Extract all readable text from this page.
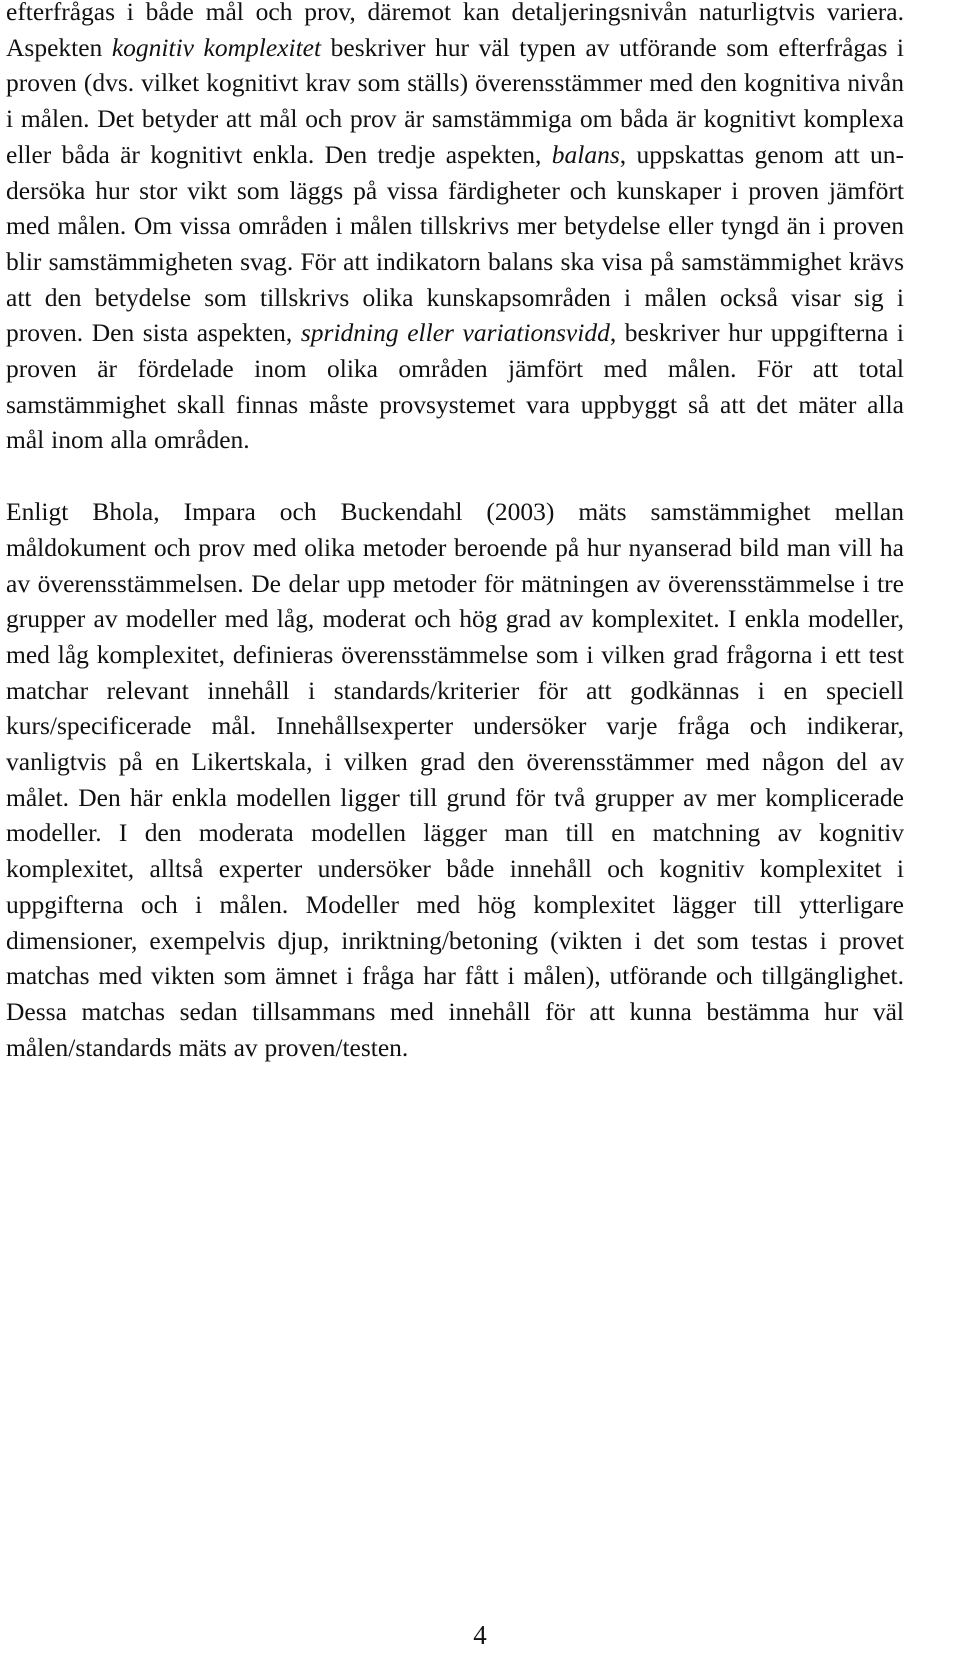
efterfrågas i både mål och prov, däremot kan detaljeringsnivån naturligtvis variera. Aspekten kognitiv komplexitet beskriver hur väl typen av utförande som efterfrågas i proven (dvs. vilket kognitivt krav som ställs) överensstämmer med den kognitiva nivån i målen. Det betyder att mål och prov är samstämmiga om båda är kognitivt komplexa eller båda är kognitivt enkla. Den tredje aspekten, balans, uppskattas genom att undersöka hur stor vikt som läggs på vissa färdigheter och kunskaper i proven jämfört med målen. Om vissa områden i målen tillskrivs mer betydelse eller tyngd än i proven blir samstämmigheten svag. För att indikatorn balans ska visa på samstämmighet krävs att den betydelse som tillskrivs olika kunskapsområden i målen också visar sig i proven. Den sista aspekten, spridning eller variationsvidd, beskriver hur uppgifterna i proven är fördelade inom olika områden jämfört med målen. För att total samstämmighet skall finnas måste provsystemet vara uppbyggt så att det mäter alla mål inom alla områden.

Enligt Bhola, Impara och Buckendahl (2003) mäts samstämmighet mellan måldokument och prov med olika metoder beroende på hur nyanserad bild man vill ha av överensstämmelsen. De delar upp metoder för mätningen av överensstämmelse i tre grupper av modeller med låg, moderat och hög grad av komplexitet. I enkla modeller, med låg komplexitet, definieras överensstämmelse som i vilken grad frågorna i ett test matchar relevant innehåll i standards/kriterier för att godkännas i en speciell kurs/specificerade mål. Innehållsexperter undersöker varje fråga och indikerar, vanligtvis på en Likertskala, i vilken grad den överensstämmer med någon del av målet. Den här enkla modellen ligger till grund för två grupper av mer komplicerade modeller. I den moderata modellen lägger man till en matchning av kognitiv komplexitet, alltså experter undersöker både innehåll och kognitiv komplexitet i uppgifterna och i målen. Modeller med hög komplexitet lägger till ytterligare dimensioner, exempelvis djup, inriktning/betoning (vikten i det som testas i provet matchas med vikten som ämnet i fråga har fått i målen), utförande och tillgänglighet. Dessa matchas sedan tillsammans med innehåll för att kunna bestämma hur väl målen/standards mäts av proven/testen.

4
